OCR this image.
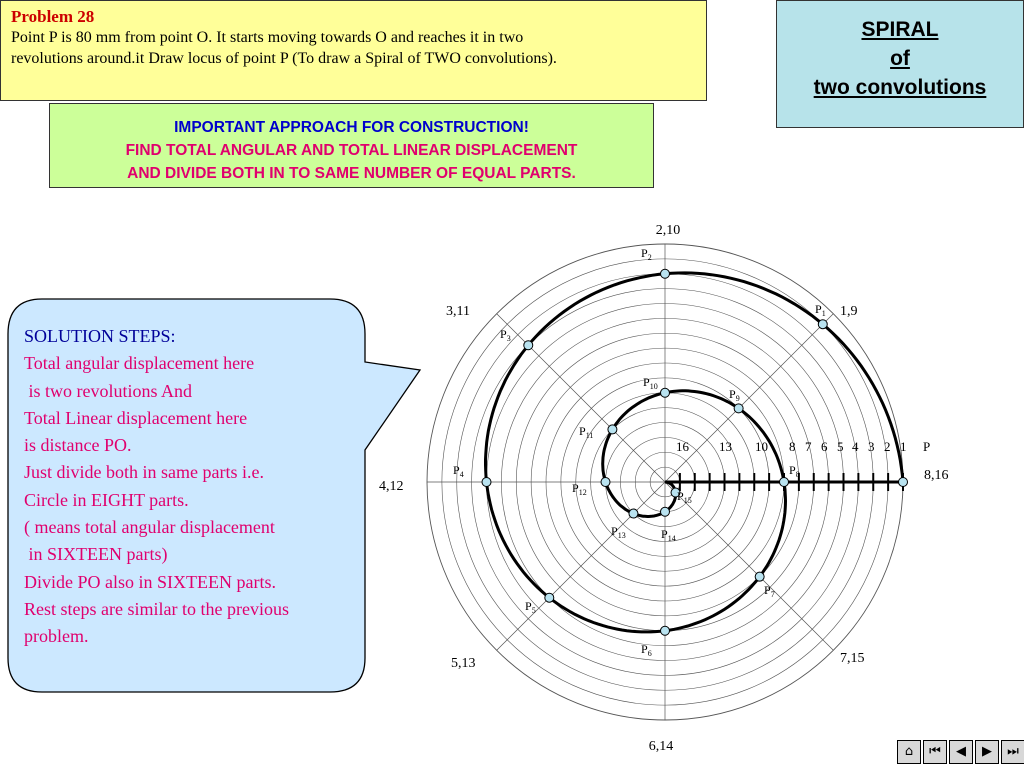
Problem 28
Point P is 80 mm from point O. It starts moving towards O and reaches it in two
revolutions around.it Draw locus of point P (To draw a Spiral of TWO convolutions).
SPIRAL
of
two convolutions
IMPORTANT APPROACH FOR CONSTRUCTION!
FIND TOTAL ANGULAR AND TOTAL LINEAR DISPLACEMENT
AND DIVIDE BOTH IN TO SAME NUMBER OF EQUAL PARTS.
SOLUTION STEPS:
Total angular displacement here
is two revolutions And
Total Linear displacement here
is distance PO.
Just divide both in same parts i.e.
Circle in EIGHT parts.
( means total angular displacement
in SIXTEEN parts)
Divide PO also in SIXTEEN parts.
Rest steps are similar to the previous
problem.
2,10
1,9
3,11
4,12
8,16
5,13	7,15
6,14
16 13 10 8 7 6 5 4 3 2 1 P
$P_1$
$P_2$
$P_3$
$P_4$
$P_5$
$P_6$
$P_7$
$P_8$
$P_9$
$P_{10}$
$P_{11}$
$P_{12}$
$P_{13}$	$P_{14}$
$P_{15}$
⌂	⏮	◀	▶	⏭
